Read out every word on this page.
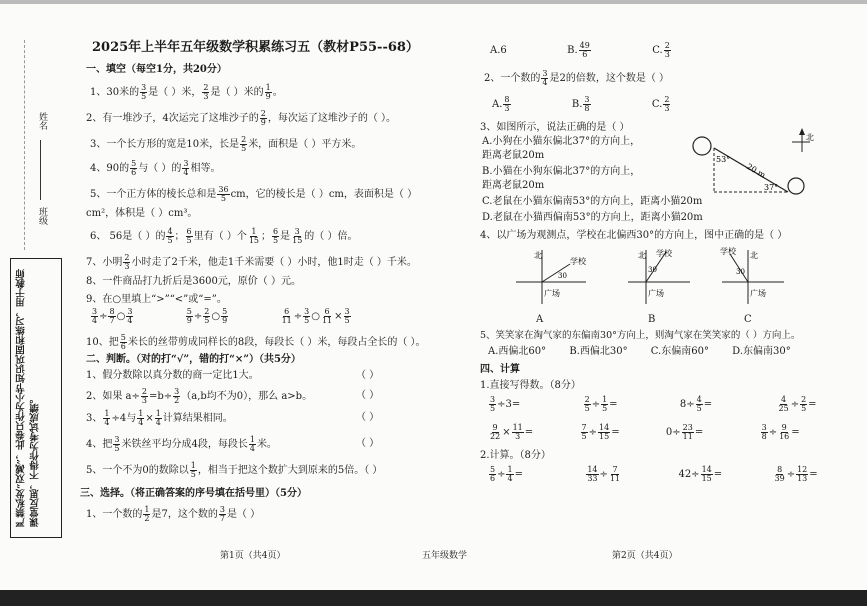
姓名
班级
严禁私发“双减”，此卷只作为小节知识巩固和练习，用于教师课堂反思，不得作为考试成绩。
2025年上半年五年级数学积累练习五（教材P55--68）
一、填空（每空1分，共20分）
1、30米的 $\frac{3}{5}$ 是（ ）米， $\frac{2}{3}$ 是（ ）米的 $\frac{1}{9}$ 。
2、有一堆沙子，4次运完了这堆沙子的 $\frac{2}{9}$ ，每次运了这堆沙子的（ ）。
3、一个长方形的宽是10米，长是 $\frac{2}{5}$ 米，面积是（ ）平方米。
4、90的 $\frac{5}{6}$ 与（ ）的 $\frac{3}{4}$ 相等。
5、一个正方体的棱长总和是 $\frac{36}{5}$ cm，它的棱长是（ ）cm，表面积是（ ）
cm²，体积是（ ）cm³。
6、 56是（ ）的 $\frac{4}{5}$ ； $\frac{6}{5}$ 里有（ ）个 $\frac{1}{15}$ ； $\frac{6}{5}$ 是 $\frac{3}{15}$ 的（ ）倍。
7、小明 $\frac{2}{3}$ 小时走了2千米，他走1千米需要（ ）小时，他1时走（ ）千米。
8、一件商品打九折后是3600元，原价（ ）元。
9、在○里填上“>”“<”或“=”。
$\frac{3}{4} \div \frac{8}{7}$ ○ $\frac{3}{4}$
	$\frac{5}{9} \div \frac{2}{5}$ ○ $\frac{5}{9}$
	$\frac{6}{11} \div \frac{3}{5}$ ○ $\frac{6}{11} \times \frac{3}{5}$
10、把 $\frac{5}{6}$ 米长的丝带剪成同样长的8段，每段长（ ）米，每段占全长的（ ）。
二、判断。（对的打“√”，错的打“×”）（共5分）
1、假分数除以真分数的商一定比1大。	（ ）
2、如果 $a\div \frac{2}{3} =b\div \frac{3}{2} (a,b$均不为0），那么 a>b。	（ ）
3、 $\frac{1}{4} \div 4$与 $\frac{1}{4} \times \frac{1}{4}$ 计算结果相同。	（ ）
4、把 $\frac{3}{5}$ 米铁丝平均分成4段，每段长 $\frac{1}{4}$ 米。	（ ）
5、一个不为0的数除以 $\frac{1}{5}$ ，相当于把这个数扩大到原来的5倍。（ ）
三、选择。（将正确答案的序号填在括号里）（5分）
1、一个数的 $\frac{1}{2}$ 是7，这个数的 $\frac{3}{7}$ 是（ ）
A.6	B. $\frac{49}{6}$	C. $\frac{2}{3}$
2、一个数的 $\frac{3}{4}$ 是2的倍数，这个数是（ ）
A. $\frac{8}{3}$	B. $\frac{3}{8}$	C. $\frac{2}{3}$
3、如图所示，说法正确的是（ ）
A.小狗在小猫东偏北37°的方向上，
距离老鼠20m
B.小猫在小狗东偏北37°的方向上，
距离老鼠20m
C.老鼠在小猫东偏南53°的方向上，距离小猫20m
D.老鼠在小猫西偏南53°的方向上，距离小猫20m
北
20 m
53°
37°
4、以广场为观测点，学校在北偏西30°的方向上，图中正确的是（ ）
北
学校
30
广场
北 学校
30
广场
北
学校
30
广场
A	B	C
5、笑笑家在淘气家的东偏南30°方向上，则淘气家在笑笑家的（ ）方向上。
A.西偏北60° B.西偏北30° C.东偏南60° D.东偏南30°
四、计算
1.直接写得数。（8分）
$\frac{3}{5} \div 3=$	$\frac{2}{5} \div \frac{1}{5}$ =	$8\div \frac{4}{5}$ =	$\frac{4}{25} \div \frac{2}{5}$ =
$\frac{9}{22} \times \frac{11}{3}$ =	$\frac{7}{5} \div \frac{14}{15}$ =	$0\div \frac{23}{11}$ =	$\frac{3}{8} \div \frac{9}{16}$ =
2.计算。（8分）
$\frac{5}{6} \div \frac{1}{4}$ =	$\frac{14}{33} \div \frac{7}{11}$	$42\div \frac{14}{15}$ =	$\frac{8}{39} \div \frac{12}{13}$ =
第1页（共4页）	五年级数学	第2页（共4页）
